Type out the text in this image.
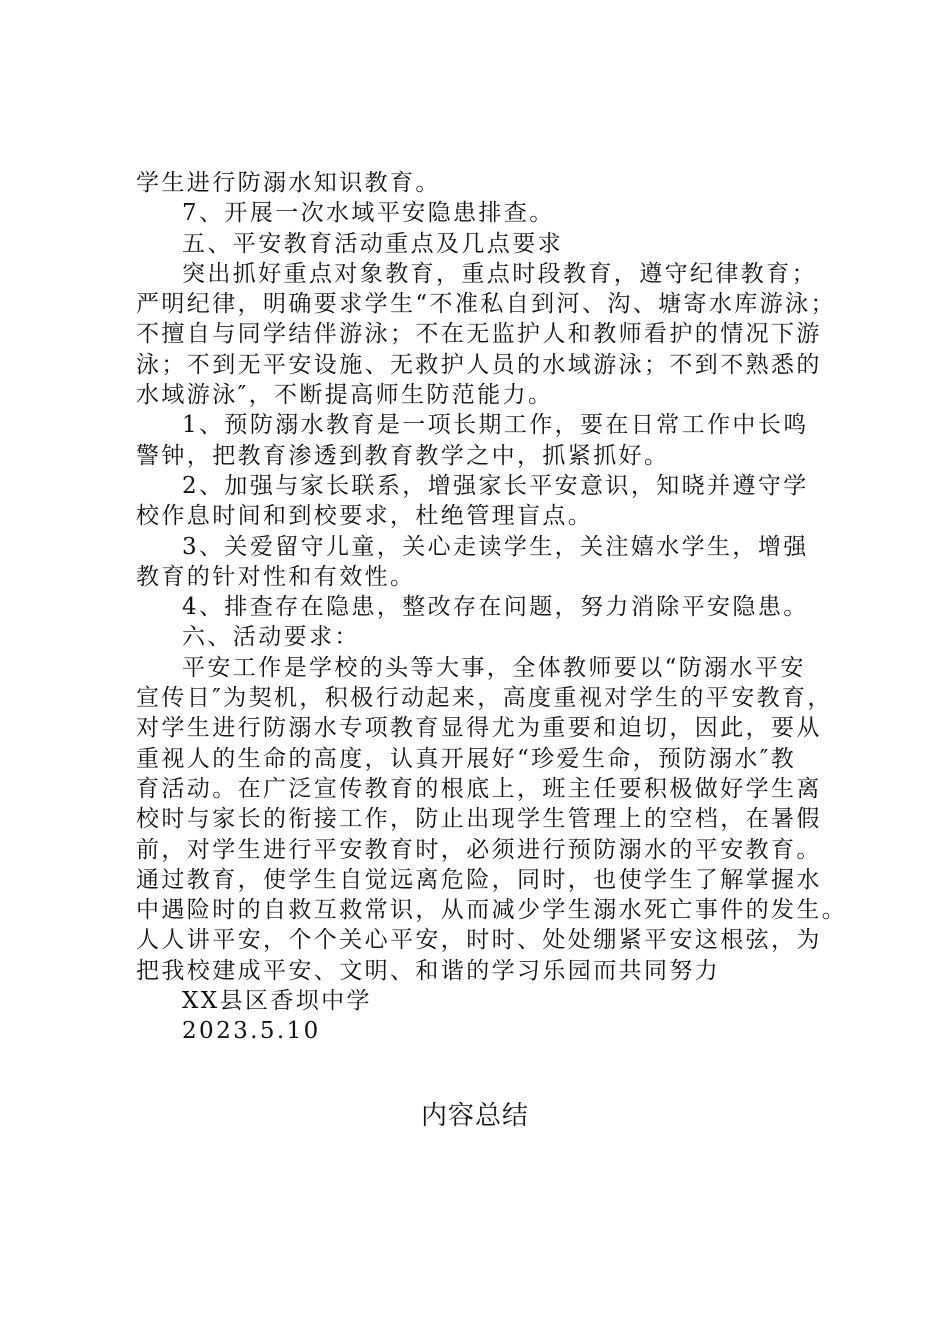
学生进行防溺水知识教育。
7、开展一次水域平安隐患排查。
五、平安教育活动重点及几点要求
突出抓好重点对象教育，重点时段教育，遵守纪律教育；
严明纪律，明确要求学生“不准私自到河、沟、塘寄水库游泳；
不擅自与同学结伴游泳；不在无监护人和教师看护的情况下游
泳；不到无平安设施、无救护人员的水域游泳；不到不熟悉的
水域游泳″，不断提高师生防范能力。
1、预防溺水教育是一项长期工作，要在日常工作中长鸣
警钟，把教育渗透到教育教学之中，抓紧抓好。
2、加强与家长联系，增强家长平安意识，知晓并遵守学
校作息时间和到校要求，杜绝管理盲点。
3、关爱留守儿童，关心走读学生，关注嬉水学生，增强
教育的针对性和有效性。
4、排查存在隐患，整改存在问题，努力消除平安隐患。
六、活动要求：
平安工作是学校的头等大事，全体教师要以“防溺水平安
宣传日″为契机，积极行动起来，高度重视对学生的平安教育，
对学生进行防溺水专项教育显得尤为重要和迫切，因此，要从
重视人的生命的高度，认真开展好“珍爱生命，预防溺水″教
育活动。在广泛宣传教育的根底上，班主任要积极做好学生离
校时与家长的衔接工作，防止出现学生管理上的空档，在暑假
前，对学生进行平安教育时，必须进行预防溺水的平安教育。
通过教育，使学生自觉远离危险，同时，也使学生了解掌握水
中遇险时的自救互救常识，从而减少学生溺水死亡事件的发生。
人人讲平安，个个关心平安，时时、处处绷紧平安这根弦，为
把我校建成平安、文明、和谐的学习乐园而共同努力
XX县区香坝中学
2023.5.10
内容总结
